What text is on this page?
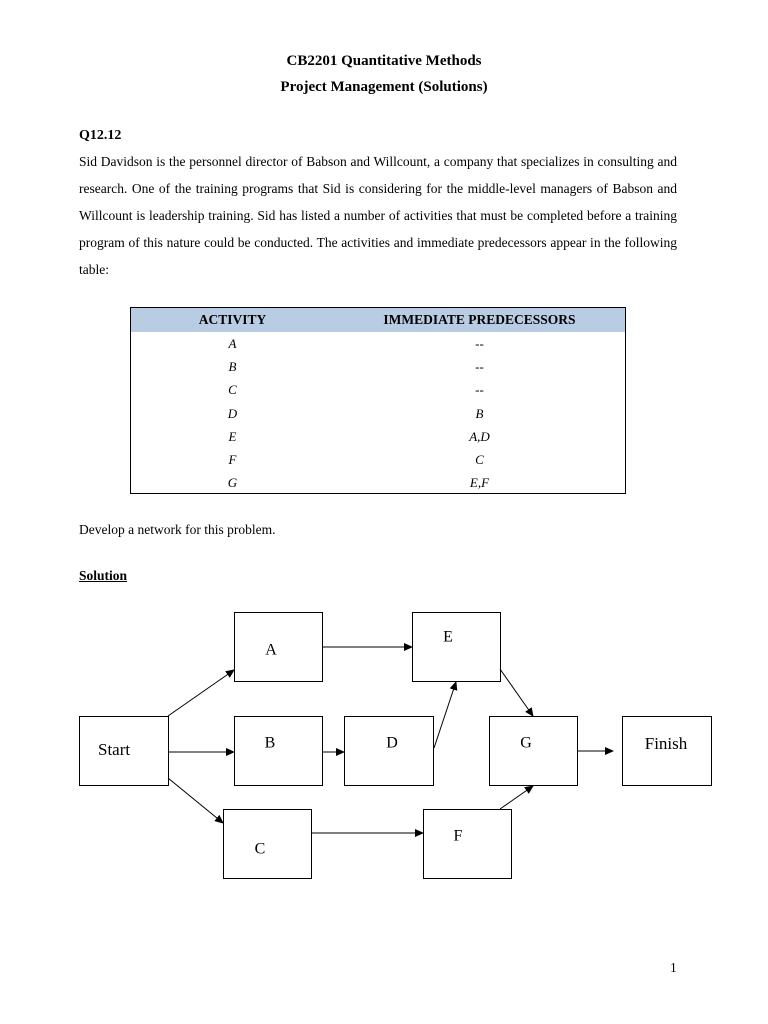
CB2201 Quantitative Methods
Project Management (Solutions)
Q12.12

Sid Davidson is the personnel director of Babson and Willcount, a company that specializes in consulting and research. One of the training programs that Sid is considering for the middle-level managers of Babson and Willcount is leadership training. Sid has listed a number of activities that must be completed before a training program of this nature could be conducted. The activities and immediate predecessors appear in the following table:

ACTIVITY	IMMEDIATE PREDECESSORS
A	--
B	--
C	--
D	B
E	A,D
F	C
G	E,F
Develop a network for this problem.
Solution
Start
A
B
C
D
E
F
G	Finish
1
